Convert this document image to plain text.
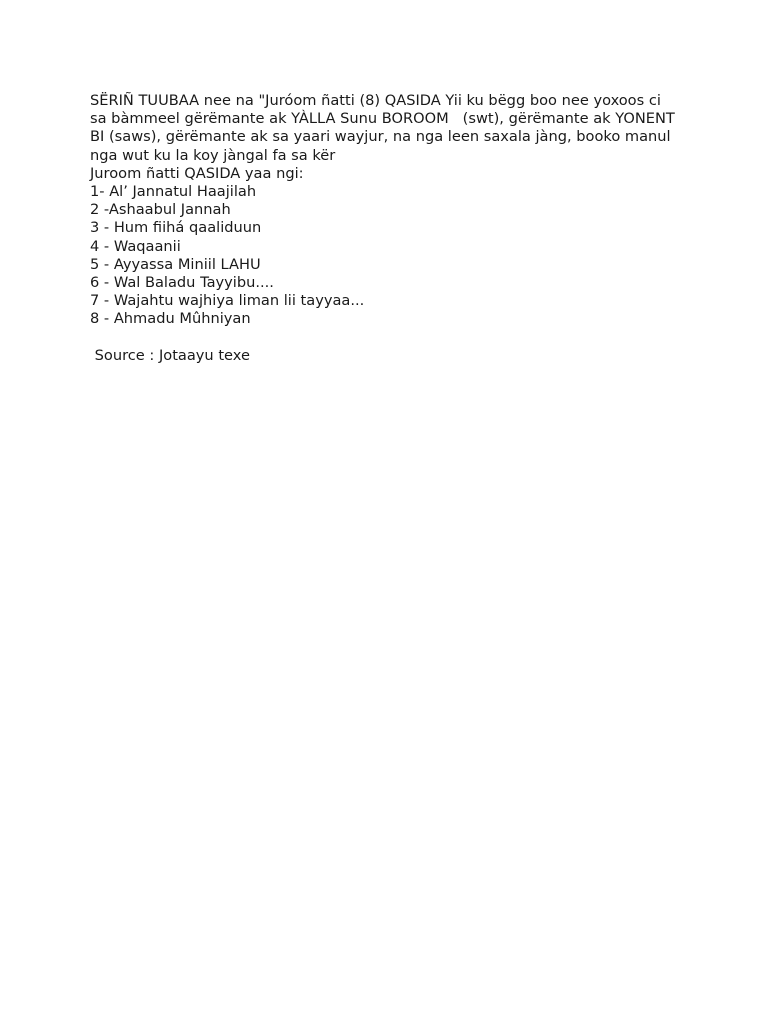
SËRIÑ TUUBAA nee na "Juróom ñatti (8) QASIDA Yii ku bëgg boo nee yoxoos ci sa bàmmeel gërëmante ak YÀLLA Sunu BOROOM   (swt), gërëmante ak YONENT BI (saws), gërëmante ak sa yaari wayjur, na nga leen saxala jàng, booko manul nga wut ku la koy jàngal fa sa kër

Juroom ñatti QASIDA yaa ngi:

1- Al’ Jannatul Haajilah
2 -Ashaabul Jannah
3 - Hum fiihá qaaliduun
4 - Waqaanii
5 - Ayyassa Miniil LAHU
6 - Wal Baladu Tayyibu....
7 - Wajahtu wajhiya liman lii tayyaa...
8 - Ahmadu Mûhniyan

Source : Jotaayu texe
